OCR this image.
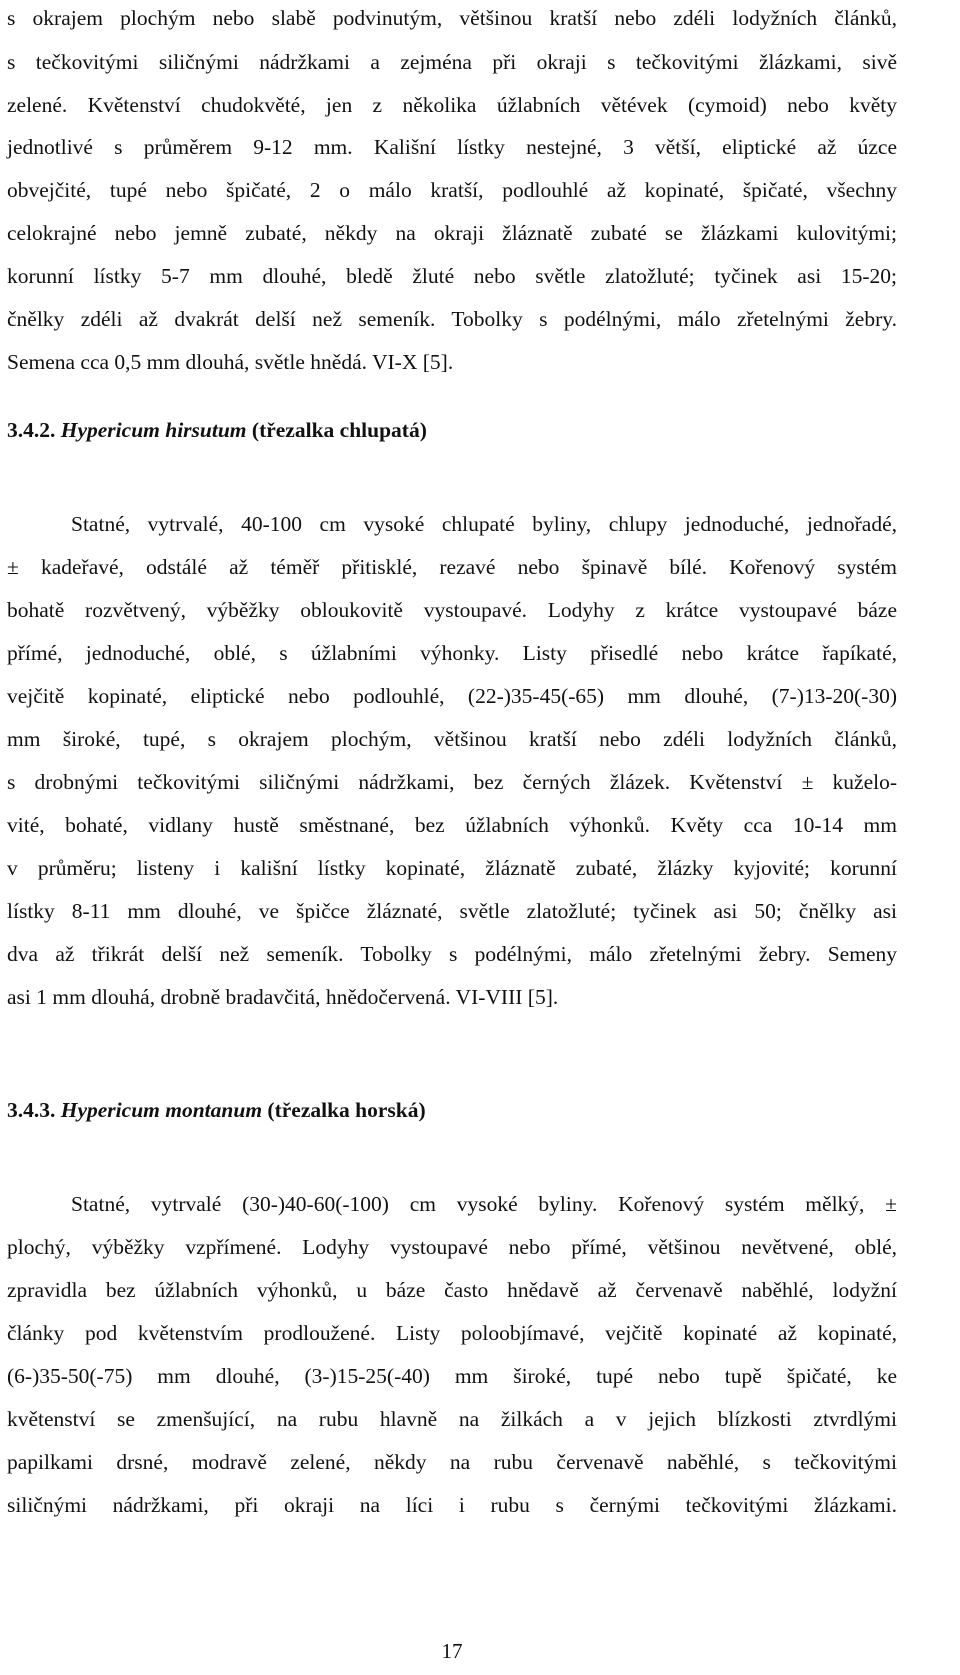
s okrajem plochým nebo slabě podvinutým, většinou kratší nebo zdéli lodyžních článků,
s tečkovitými siličnými nádržkami a zejména při okraji s tečkovitými žlázkami, sivě
zelené. Květenství chudokvěté, jen z několika úžlabních větévek (cymoid) nebo květy
jednotlivé s průměrem 9-12 mm. Kališní lístky nestejné, 3 větší, eliptické až úzce
obvejčité, tupé nebo špičaté, 2 o málo kratší, podlouhlé až kopinaté, špičaté, všechny
celokrajné nebo jemně zubaté, někdy na okraji žláznatě zubaté se žlázkami kulovitými;
korunní lístky 5-7 mm dlouhé, bledě žluté nebo světle zlatožluté; tyčinek asi 15-20;
čnělky zdéli až dvakrát delší než semeník. Tobolky s podélnými, málo zřetelnými žebry.
Semena cca 0,5 mm dlouhá, světle hnědá. VI-X [5].
3.4.2. Hypericum hirsutum (třezalka chlupatá)
Statné, vytrvalé, 40-100 cm vysoké chlupaté byliny, chlupy jednoduché, jednořadé,
± kadeřavé, odstálé až téměř přitisklé, rezavé nebo špinavě bílé. Kořenový systém
bohatě rozvětvený, výběžky obloukovitě vystoupavé. Lodyhy z krátce vystoupavé báze
přímé, jednoduché, oblé, s úžlabními výhonky. Listy přisedlé nebo krátce řapíkaté,
vejčitě kopinaté, eliptické nebo podlouhlé, (22-)35-45(-65) mm dlouhé, (7-)13-20(-30)
mm široké, tupé, s okrajem plochým, většinou kratší nebo zdéli lodyžních článků,
s drobnými tečkovitými siličnými nádržkami, bez černých žlázek. Květenství ± kuželo-
vité, bohaté, vidlany hustě směstnané, bez úžlabních výhonků. Květy cca 10-14 mm
v průměru; listeny i kališní lístky kopinaté, žláznatě zubaté, žlázky kyjovité; korunní
lístky 8-11 mm dlouhé, ve špičce žláznaté, světle zlatožluté; tyčinek asi 50; čnělky asi
dva až třikrát delší než semeník. Tobolky s podélnými, málo zřetelnými žebry. Semeny
asi 1 mm dlouhá, drobně bradavčitá, hnědočervená. VI-VIII [5].
3.4.3. Hypericum montanum (třezalka horská)
Statné, vytrvalé (30-)40-60(-100) cm vysoké byliny. Kořenový systém mělký, ±
plochý, výběžky vzpřímené. Lodyhy vystoupavé nebo přímé, většinou nevětvené, oblé,
zpravidla bez úžlabních výhonků, u báze často hnědavě až červenavě naběhlé, lodyžní
články pod květenstvím prodloužené. Listy poloobjímavé, vejčitě kopinaté až kopinaté,
(6-)35-50(-75) mm dlouhé, (3-)15-25(-40) mm široké, tupé nebo tupě špičaté, ke
květenství se zmenšující, na rubu hlavně na žilkách a v jejich blízkosti ztvrdlými
papilkami drsné, modravě zelené, někdy na rubu červenavě naběhlé, s tečkovitými
siličnými nádržkami, při okraji na líci i rubu s černými tečkovitými žlázkami.
17
